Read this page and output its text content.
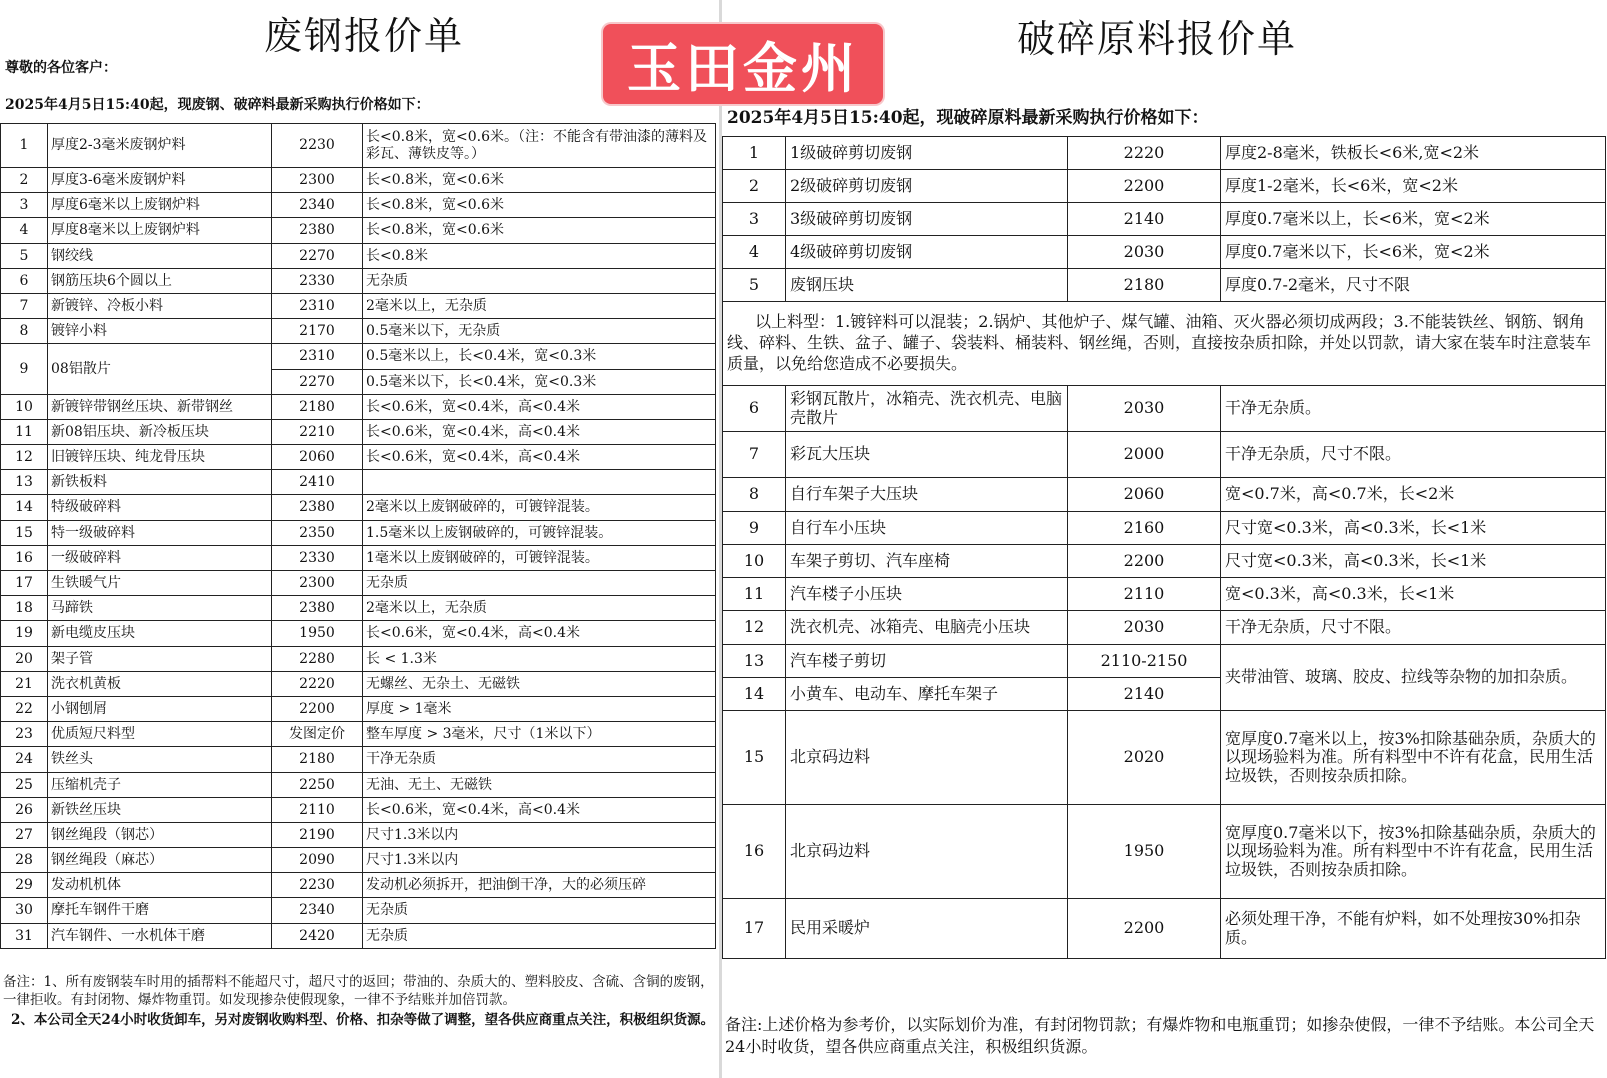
废钢报价单
尊敬的各位客户：
2025年4月5日15:40起，现废钢、破碎料最新采购执行价格如下：
1	厚度2-3毫米废钢炉料	2230	长<0.8米，宽<0.6米。（注：不能含有带油漆的薄料及彩瓦、薄铁皮等。）
2	厚度3-6毫米废钢炉料	2300	长<0.8米，宽<0.6米
3	厚度6毫米以上废钢炉料	2340	长<0.8米，宽<0.6米
4	厚度8毫米以上废钢炉料	2380	长<0.8米，宽<0.6米
5	钢绞线	2270	长<0.8米
6	钢筋压块6个圆以上	2330	无杂质
7	新镀锌、冷板小料	2310	2毫米以上，无杂质
8	镀锌小料	2170	0.5毫米以下，无杂质
9	08铝散片	2310	0.5毫米以上，长<0.4米，宽<0.3米
		2270	0.5毫米以下，长<0.4米，宽<0.3米
10	新镀锌带钢丝压块、新带钢丝	2180	长<0.6米，宽<0.4米，高<0.4米
11	新08铝压块、新冷板压块	2210	长<0.6米，宽<0.4米，高<0.4米
12	旧镀锌压块、纯龙骨压块	2060	长<0.6米，宽<0.4米，高<0.4米
13	新铁板料	2410	
14	特级破碎料	2380	2毫米以上废钢破碎的，可镀锌混装。
15	特一级破碎料	2350	1.5毫米以上废钢破碎的，可镀锌混装。
16	一级破碎料	2330	1毫米以上废钢破碎的，可镀锌混装。
17	生铁暖气片	2300	无杂质
18	马蹄铁	2380	2毫米以上，无杂质
19	新电缆皮压块	1950	长<0.6米，宽<0.4米，高<0.4米
20	架子管	2280	长 < 1.3米
21	洗衣机黄板	2220	无螺丝、无杂土、无磁铁
22	小钢刨屑	2200	厚度 > 1毫米
23	优质短尺料型	发图定价	整车厚度 > 3毫米，尺寸（1米以下）
24	铁丝头	2180	干净无杂质
25	压缩机壳子	2250	无油、无土、无磁铁
26	新铁丝压块	2110	长<0.6米，宽<0.4米，高<0.4米
27	钢丝绳段（钢芯）	2190	尺寸1.3米以内
28	钢丝绳段（麻芯）	2090	尺寸1.3米以内
29	发动机机体	2230	发动机必须拆开，把油倒干净，大的必须压碎
30	摩托车钢件干磨	2340	无杂质
31	汽车钢件、一水机体干磨	2420	无杂质
备注：1、所有废钢装车时用的插帮料不能超尺寸，超尺寸的返回；带油的、杂质大的、塑料胶皮、含硫、含铜的废钢，一律拒收。有封闭物、爆炸物重罚。如发现掺杂使假现象，一律不予结账并加倍罚款。
2、本公司全天24小时收货卸车，另对废钢收购料型、价格、扣杂等做了调整，望各供应商重点关注，积极组织货源。
破碎原料报价单
2025年4月5日15:40起，现破碎原料最新采购执行价格如下：
1	1级破碎剪切废钢	2220	厚度2-8毫米，铁板长<6米,宽<2米
2	2级破碎剪切废钢	2200	厚度1-2毫米，长<6米，宽<2米
3	3级破碎剪切废钢	2140	厚度0.7毫米以上，长<6米，宽<2米
4	4级破碎剪切废钢	2030	厚度0.7毫米以下，长<6米，宽<2米
5	废钢压块	2180	厚度0.7-2毫米，尺寸不限
以上料型：1.镀锌料可以混装；2.锅炉、其他炉子、煤气罐、油箱、灭火器必须切成两段；3.不能装铁丝、钢筋、钢角线、碎料、生铁、盆子、罐子、袋装料、桶装料、钢丝绳，否则，直接按杂质扣除，并处以罚款，请大家在装车时注意装车质量，以免给您造成不必要损失。			
6	彩钢瓦散片，冰箱壳、洗衣机壳、电脑壳散片	2030	干净无杂质。
7	彩瓦大压块	2000	干净无杂质，尺寸不限。
8	自行车架子大压块	2060	宽<0.7米，高<0.7米，长<2米
9	自行车小压块	2160	尺寸宽<0.3米，高<0.3米，长<1米
10	车架子剪切、汽车座椅	2200	尺寸宽<0.3米，高<0.3米，长<1米
11	汽车楼子小压块	2110	宽<0.3米，高<0.3米，长<1米
12	洗衣机壳、冰箱壳、电脑壳小压块	2030	干净无杂质，尺寸不限。
13	汽车楼子剪切	2110-2150	夹带油管、玻璃、胶皮、拉线等杂物的加扣杂质。
14	小黄车、电动车、摩托车架子	2140	
15	北京码边料	2020	宽厚度0.7毫米以上，按3%扣除基础杂质，杂质大的以现场验料为准。所有料型中不许有花盒，民用生活垃圾铁，否则按杂质扣除。
16	北京码边料	1950	宽厚度0.7毫米以下，按3%扣除基础杂质，杂质大的以现场验料为准。所有料型中不许有花盒，民用生活垃圾铁，否则按杂质扣除。
17	民用采暖炉	2200	必须处理干净，不能有炉料，如不处理按30%扣杂质。
备注:上述价格为参考价，以实际划价为准，有封闭物罚款；有爆炸物和电瓶重罚；如掺杂使假，一律不予结账。本公司全天24小时收货，望各供应商重点关注，积极组织货源。
玉田金州
